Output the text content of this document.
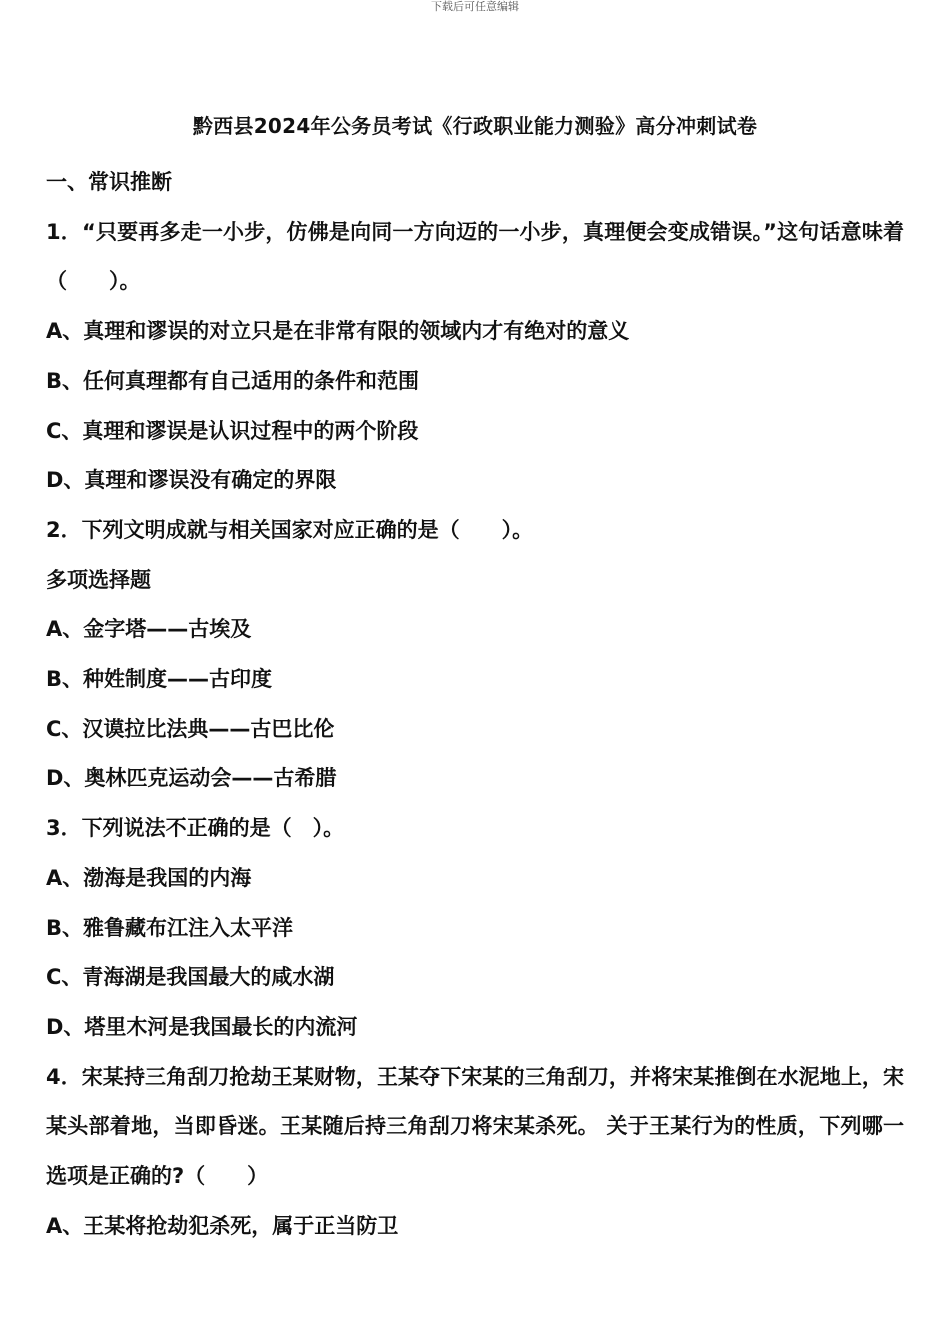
下载后可任意编辑
黔西县2024年公务员考试《行政职业能力测验》高分冲刺试卷
一、常识推断
1．“只要再多走一小步，仿佛是向同一方向迈的一小步，真理便会变成错误。”这句话意味着（　　）。
A、真理和谬误的对立只是在非常有限的领域内才有绝对的意义
B、任何真理都有自己适用的条件和范围
C、真理和谬误是认识过程中的两个阶段
D、真理和谬误没有确定的界限
2．下列文明成就与相关国家对应正确的是（　　）。
多项选择题
A、金字塔——古埃及
B、种姓制度——古印度
C、汉谟拉比法典——古巴比伦
D、奥林匹克运动会——古希腊
3．下列说法不正确的是（　）。
A、渤海是我国的内海
B、雅鲁藏布江注入太平洋
C、青海湖是我国最大的咸水湖
D、塔里木河是我国最长的内流河
4．宋某持三角刮刀抢劫王某财物，王某夺下宋某的三角刮刀，并将宋某推倒在水泥地上，宋某头部着地，当即昏迷。王某随后持三角刮刀将宋某杀死。 关于王某行为的性质，下列哪一选项是正确的?（　　）
A、王某将抢劫犯杀死，属于正当防卫
